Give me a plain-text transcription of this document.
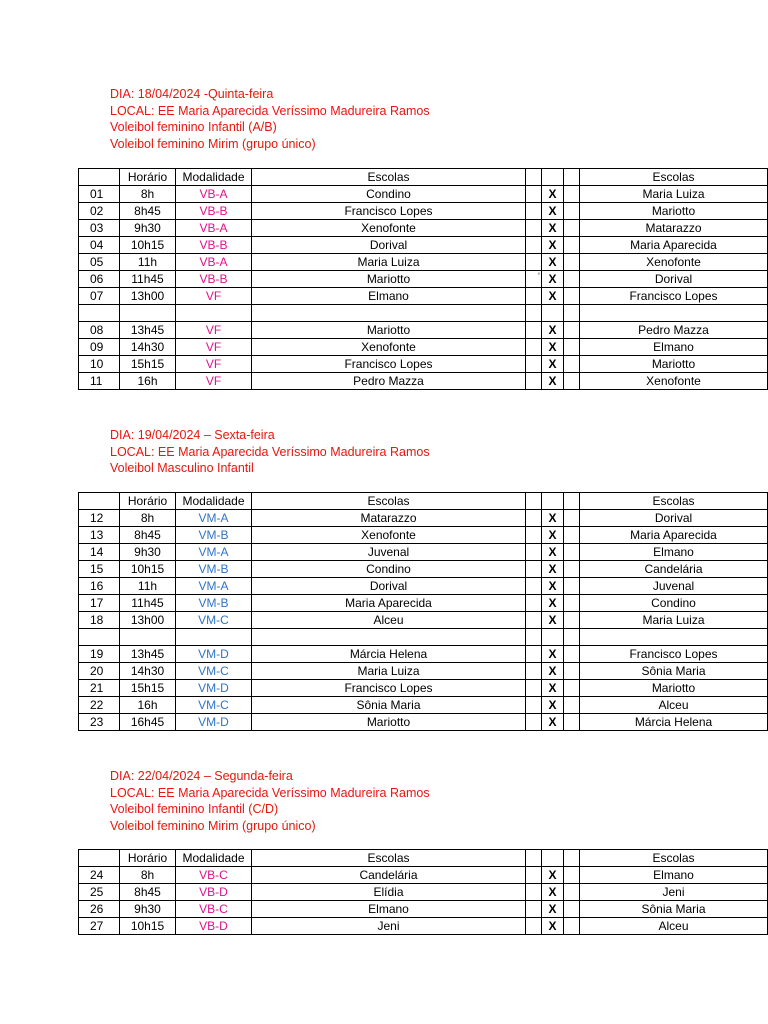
DIA: 18/04/2024 -Quinta-feira
LOCAL: EE Maria Aparecida Veríssimo Madureira Ramos
Voleibol feminino Infantil (A/B)
Voleibol feminino Mirim (grupo único)
	Horário	Modalidade	Escolas				Escolas
01	8h	VB-A	Condino		X		Maria Luiza
02	8h45	VB-B	Francisco Lopes		X		Mariotto
03	9h30	VB-A	Xenofonte		X		Matarazzo
04	10h15	VB-B	Dorival		X		Maria Aparecida
05	11h	VB-A	Maria Luiza		X		Xenofonte
06	11h45	VB-B	Mariotto	‘	X		Dorival
07	13h00	VF	Elmano		X		Francisco Lopes

08	13h45	VF	Mariotto		X		Pedro Mazza
09	14h30	VF	Xenofonte		X		Elmano
10	15h15	VF	Francisco Lopes		X		Mariotto
11	16h	VF	Pedro Mazza		X		Xenofonte
DIA: 19/04/2024 – Sexta-feira
LOCAL: EE Maria Aparecida Veríssimo Madureira Ramos
Voleibol Masculino Infantil
	Horário	Modalidade	Escolas				Escolas
12	8h	VM-A	Matarazzo		X		Dorival
13	8h45	VM-B	Xenofonte		X		Maria Aparecida
14	9h30	VM-A	Juvenal		X		Elmano
15	10h15	VM-B	Condino		X		Candelária
16	11h	VM-A	Dorival		X		Juvenal
17	11h45	VM-B	Maria Aparecida		X		Condino
18	13h00	VM-C	Alceu		X		Maria Luiza

19	13h45	VM-D	Márcia Helena		X		Francisco Lopes
20	14h30	VM-C	Maria Luiza		X		Sônia Maria
21	15h15	VM-D	Francisco Lopes		X		Mariotto
22	16h	VM-C	Sônia Maria		X		Alceu
23	16h45	VM-D	Mariotto		X		Márcia Helena
DIA: 22/04/2024 – Segunda-feira
LOCAL: EE Maria Aparecida Veríssimo Madureira Ramos
Voleibol feminino Infantil (C/D)
Voleibol feminino Mirim (grupo único)
	Horário	Modalidade	Escolas				Escolas
24	8h	VB-C	Candelária		X		Elmano
25	8h45	VB-D	Elídia		X		Jeni
26	9h30	VB-C	Elmano		X		Sônia Maria
27	10h15	VB-D	Jeni		X		Alceu
